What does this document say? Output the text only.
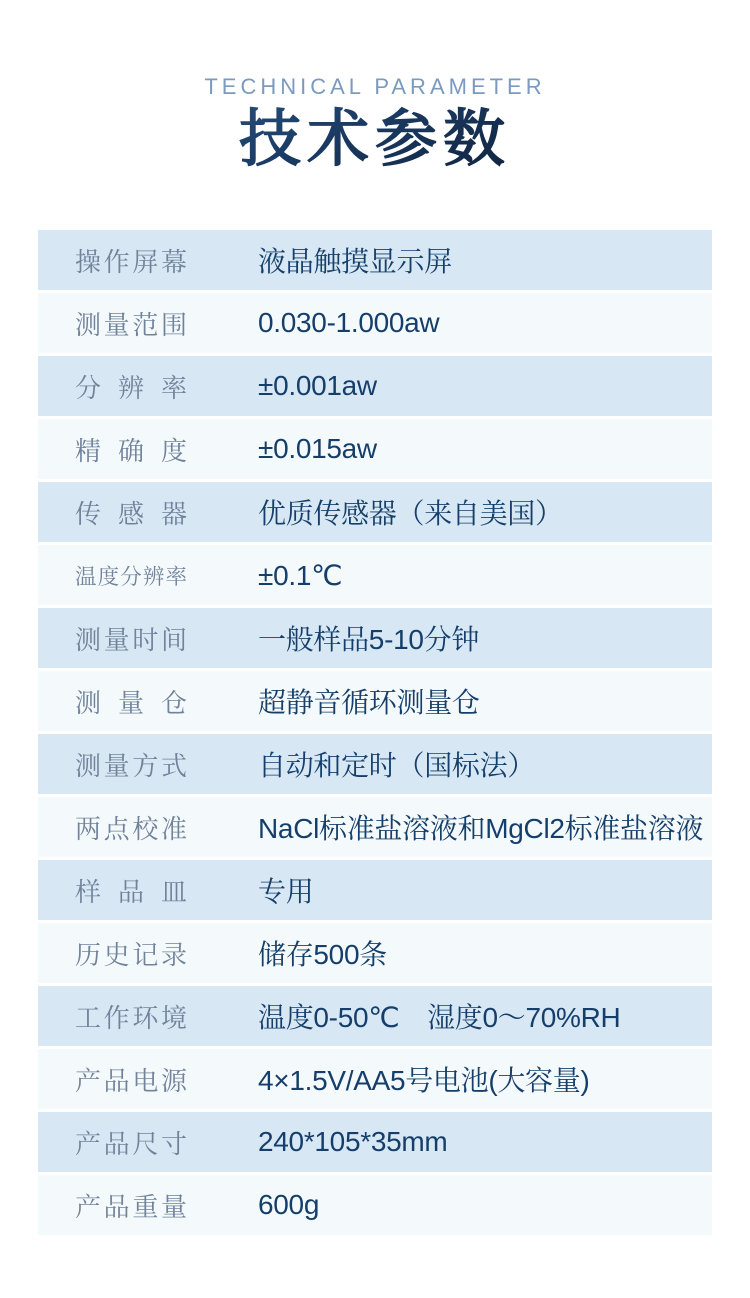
TECHNICAL PARAMETER
技术参数
操作屏幕	液晶触摸显示屏
测量范围	0.030-1.000aw
分辨率	±0.001aw
精确度	±0.015aw
传感器	优质传感器（来自美国）
温度分辨率	±0.1℃
测量时间	一般样品5-10分钟
测量仓	超静音循环测量仓
测量方式	自动和定时（国标法）
两点校准	NaCl标准盐溶液和MgCl2标准盐溶液
样品皿	专用
历史记录	储存500条
工作环境	温度0-50℃　湿度0～70%RH
产品电源	4×1.5V/AA5号电池(大容量)
产品尺寸	240*105*35mm
产品重量	600g
